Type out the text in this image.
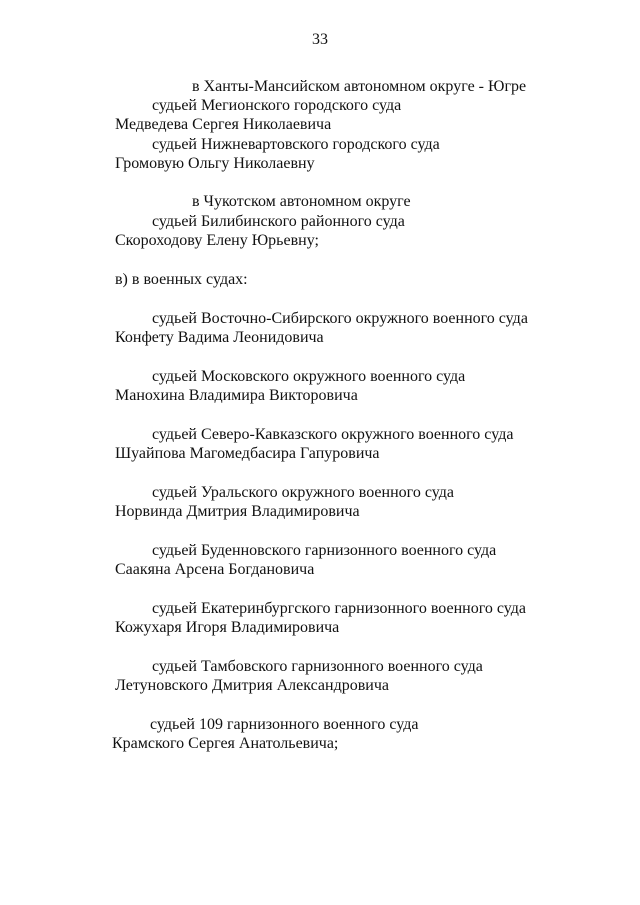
33
в Ханты-Мансийском автономном округе - Югре
судьей Мегионского городского суда
Медведева Сергея Николаевича
судьей Нижневартовского городского суда
Громовую Ольгу Николаевну
в Чукотском автономном округе
судьей Билибинского районного суда
Скороходову Елену Юрьевну;
в) в военных судах:
судьей Восточно-Сибирского окружного военного суда
Конфету Вадима Леонидовича
судьей Московского окружного военного суда
Манохина Владимира Викторовича
судьей Северо-Кавказского окружного военного суда
Шуайпова Магомедбасира Гапуровича
судьей Уральского окружного военного суда
Норвинда Дмитрия Владимировича
судьей Буденновского гарнизонного военного суда
Саакяна Арсена Богдановича
судьей Екатеринбургского гарнизонного военного суда
Кожухаря Игоря Владимировича
судьей Тамбовского гарнизонного военного суда
Летуновского Дмитрия Александровича
судьей 109 гарнизонного военного суда
Крамского Сергея Анатольевича;
